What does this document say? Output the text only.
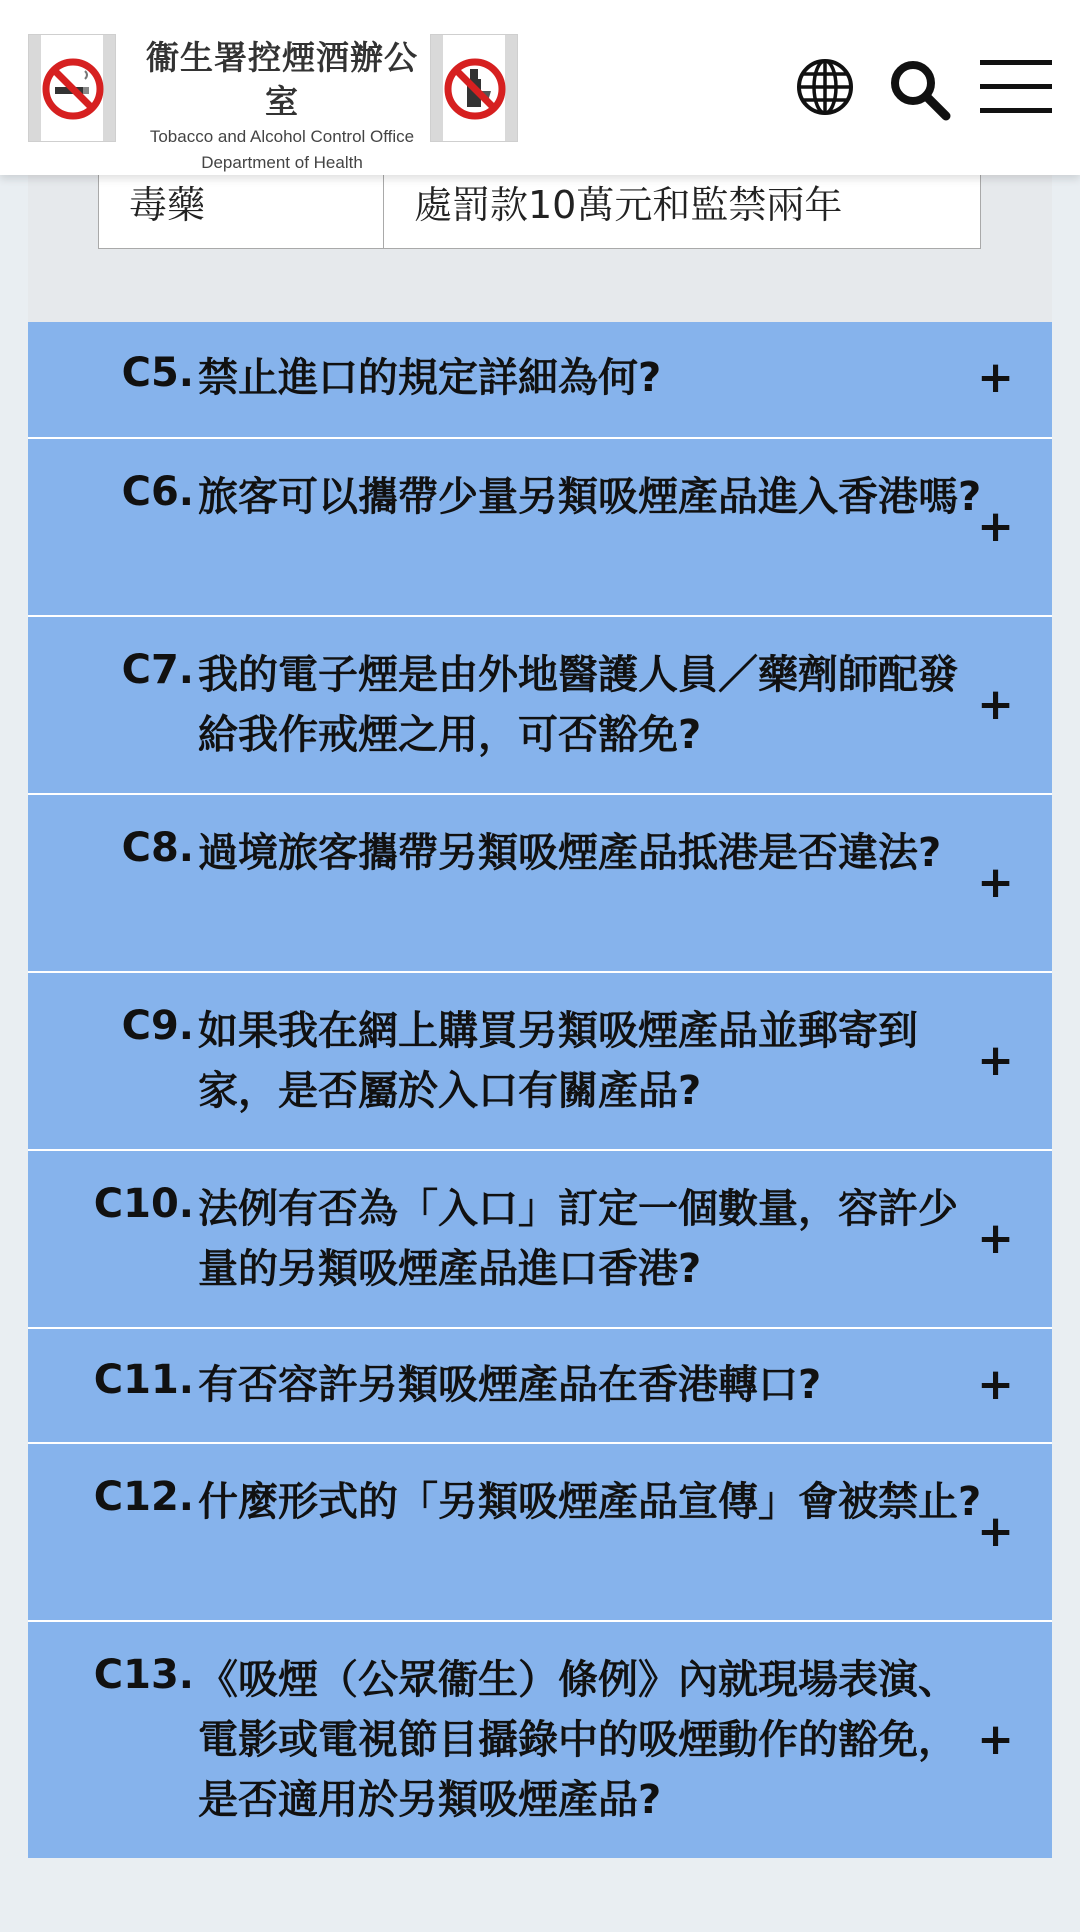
衞生署控煙酒辦公室
Tobacco and Alcohol Control Office
Department of Health
毒藥	處罰款10萬元和監禁兩年
C5. 禁止進口的規定詳細為何?	+
C6. 旅客可以攜帶少量另類吸煙產品進入香港嗎?
+
C7. 我的電子煙是由外地醫護人員／藥劑師配發給我作戒煙之用，可否豁免?
+
C8. 過境旅客攜帶另類吸煙產品抵港是否違法?
+
C9. 如果我在網上購買另類吸煙產品並郵寄到家，是否屬於入口有關產品?
+
C10. 法例有否為「入口」訂定一個數量，容許少量的另類吸煙產品進口香港?
+
C11. 有否容許另類吸煙產品在香港轉口?	+
C12. 什麼形式的「另類吸煙產品宣傳」會被禁止?
+
C13. 《吸煙（公眾衞生）條例》內就現場表演、電影或電視節目攝錄中的吸煙動作的豁免，是否適用於另類吸煙產品?
+
